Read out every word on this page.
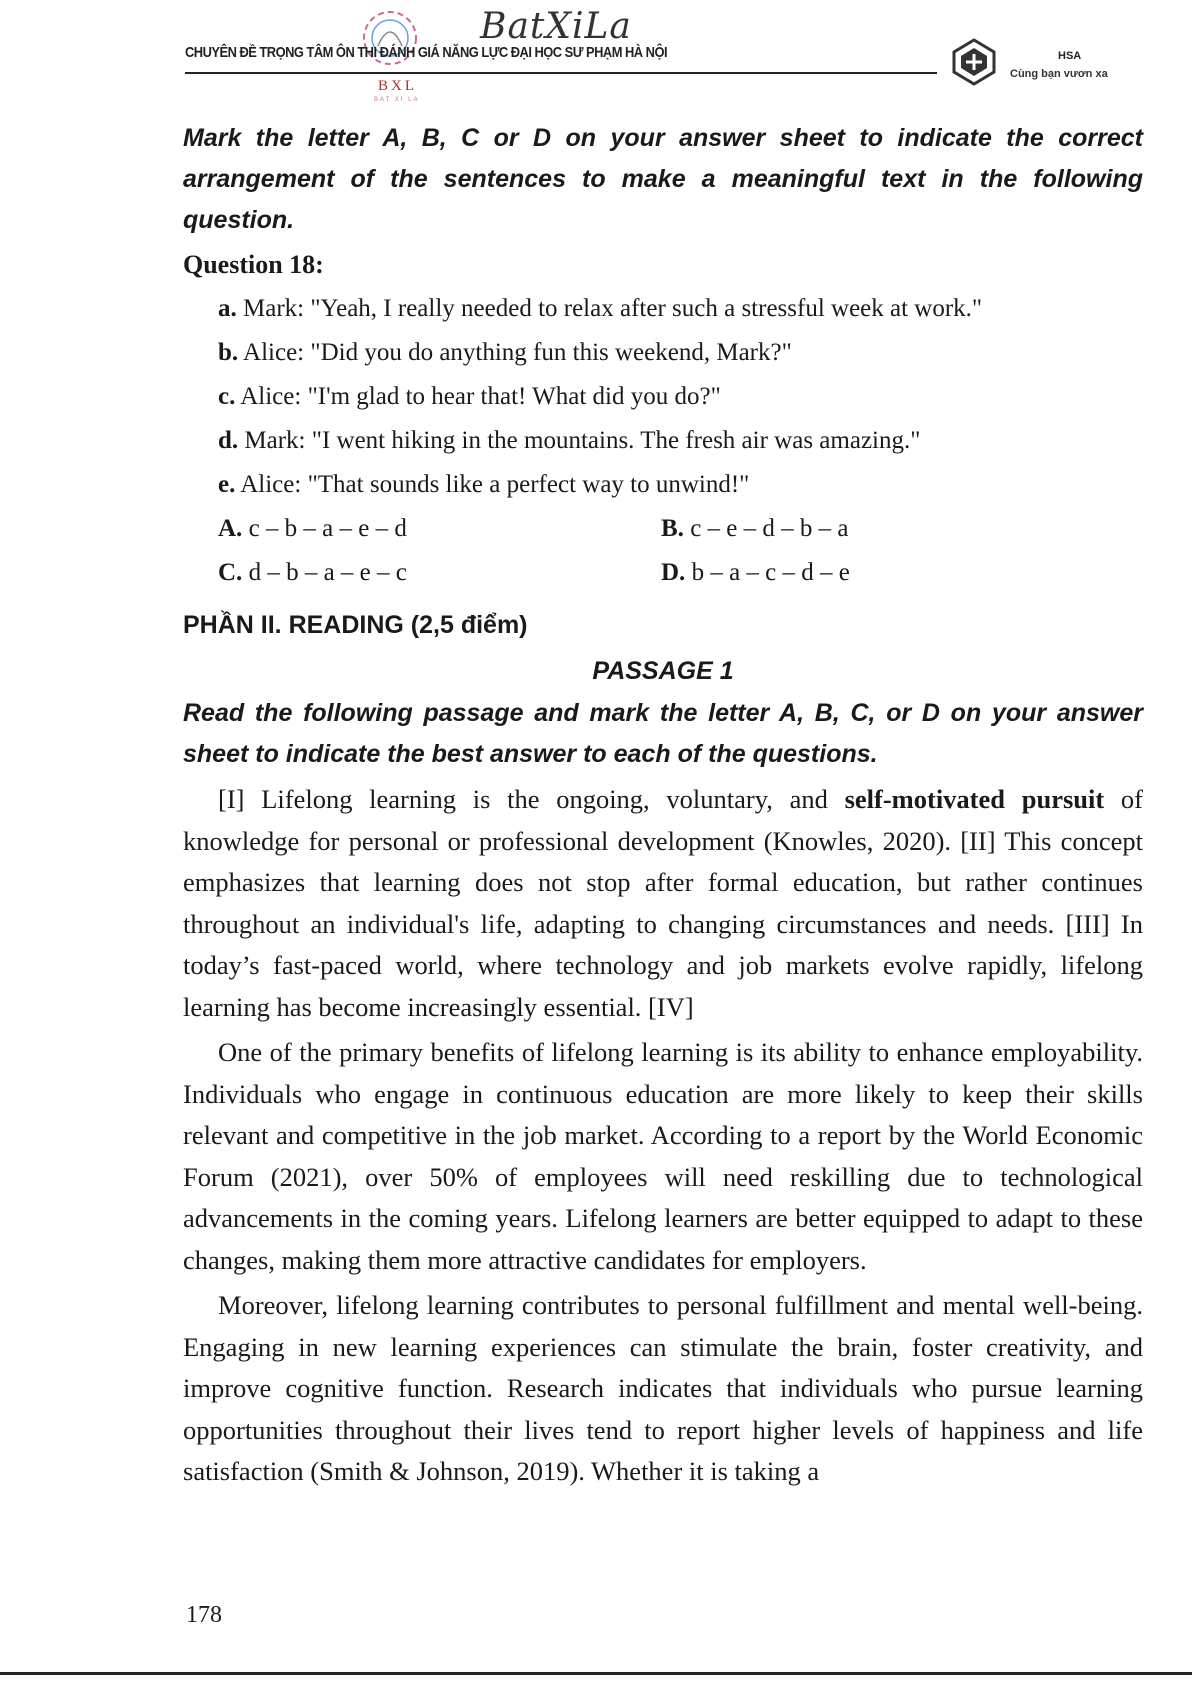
BatXiLa
CHUYÊN ĐỀ TRỌNG TÂM ÔN THI ĐÁNH GIÁ NĂNG LỰC ĐẠI HỌC SƯ PHẠM HÀ NỘI
BXL
BAT XI LA
HSA
Cùng bạn vươn xa

Mark the letter A, B, C or D on your answer sheet to indicate the correct arrangement of the sentences to make a meaningful text in the following question.

Question 18:
a. Mark: "Yeah, I really needed to relax after such a stressful week at work."
b. Alice: "Did you do anything fun this weekend, Mark?"
c. Alice: "I'm glad to hear that! What did you do?"
d. Mark: "I went hiking in the mountains. The fresh air was amazing."
e. Alice: "That sounds like a perfect way to unwind!"
A. c – b – a – e – d	B. c – e – d – b – a
C. d – b – a – e – c	D. b – a – c – d – e
PHẦN II. READING (2,5 điểm)
PASSAGE 1

Read the following passage and mark the letter A, B, C, or D on your answer sheet to indicate the best answer to each of the questions.

[I] Lifelong learning is the ongoing, voluntary, and self-motivated pursuit of knowledge for personal or professional development (Knowles, 2020). [II] This concept emphasizes that learning does not stop after formal education, but rather continues throughout an individual's life, adapting to changing circumstances and needs. [III] In today’s fast-paced world, where technology and job markets evolve rapidly, lifelong learning has become increasingly essential. [IV]

One of the primary benefits of lifelong learning is its ability to enhance employability. Individuals who engage in continuous education are more likely to keep their skills relevant and competitive in the job market. According to a report by the World Economic Forum (2021), over 50% of employees will need reskilling due to technological advancements in the coming years. Lifelong learners are better equipped to adapt to these changes, making them more attractive candidates for employers.

Moreover, lifelong learning contributes to personal fulfillment and mental well-being. Engaging in new learning experiences can stimulate the brain, foster creativity, and improve cognitive function. Research indicates that individuals who pursue learning opportunities throughout their lives tend to report higher levels of happiness and life satisfaction (Smith & Johnson, 2019). Whether it is taking a

178
